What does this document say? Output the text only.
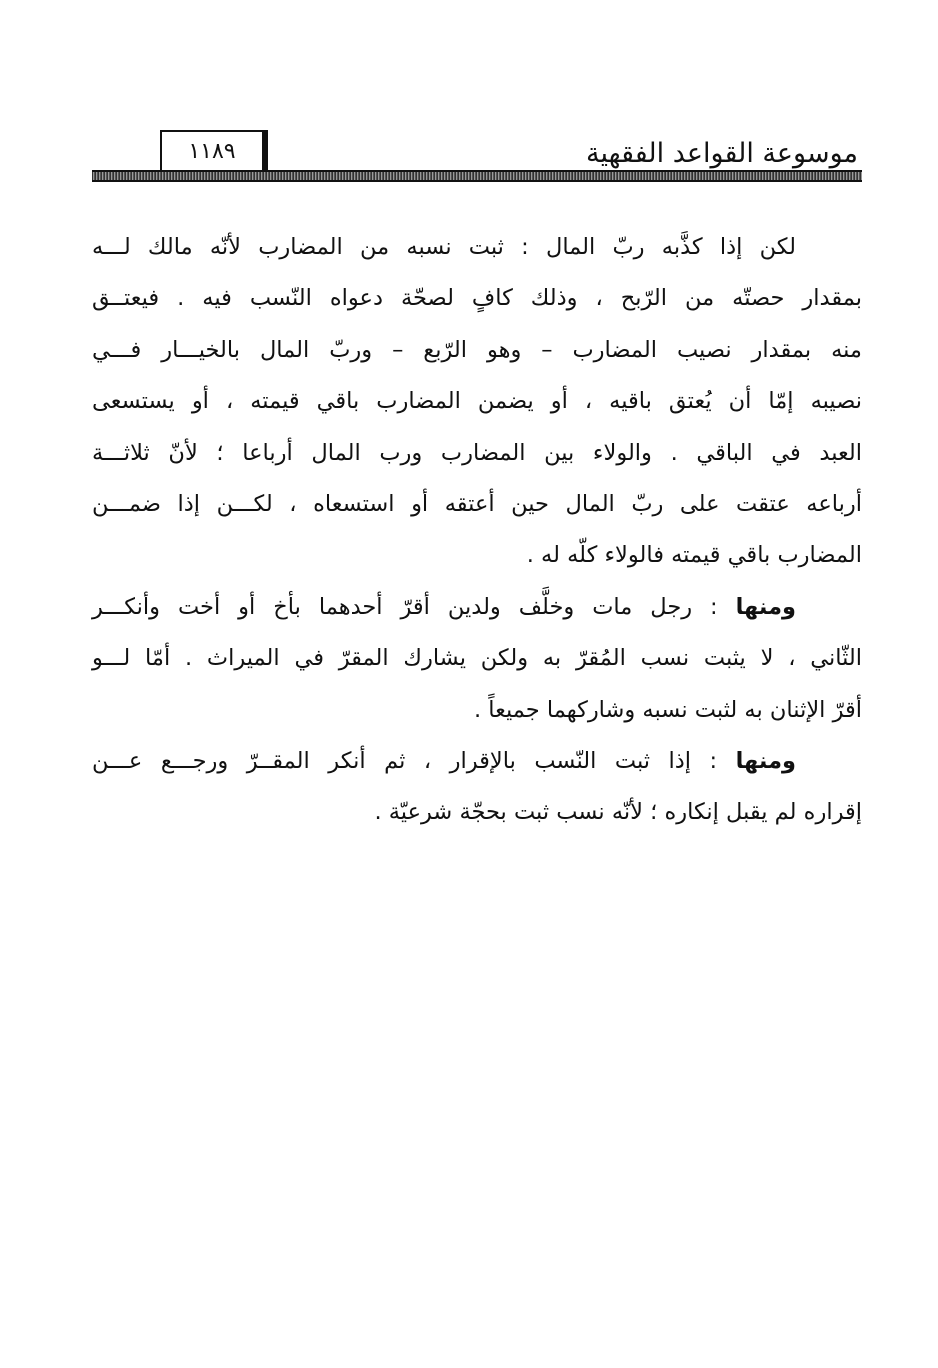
موسوعة القواعد الفقهية
١١٨٩

لكن إذا كذَّبه ربّ المال : ثبت نسبه من المضارب لأنّه مالك لـــه
بمقدار حصتّه من الرّبح ، وذلك كافٍ لصحّة دعواه النّسب فيه . فيعتــق
منه بمقدار نصيب المضارب – وهو الرّبع – وربّ المال بالخيـــار فـــي
نصيبه إمّا أن يُعتق باقيه ، أو يضمن المضارب باقي قيمته ، أو يستسعى
العبد في الباقي . والولاء بين المضارب ورب المال أرباعا ؛ لأنّ ثلاثـــة
أرباعه عتقت على ربّ المال حين أعتقه أو استسعاه ، لكـــن إذا ضمـــن
المضارب باقي قيمته فالولاء كلّه له .

ومنها : رجل مات وخلَّف ولدين أقرّ أحدهما بأخ أو أخت وأنكـــر
الثّاني ، لا يثبت نسب المُقرّ به ولكن يشارك المقرّ في الميراث . أمّا لـــو
أقرّ الإثنان به لثبت نسبه وشاركهما جميعاً .

ومنها : إذا ثبت النّسب بالإقرار ، ثم أنكر المقــرّ ورجـــع عـــن
إقراره لم يقبل إنكاره ؛ لأنّه نسب ثبت بحجّة شرعيّة .
